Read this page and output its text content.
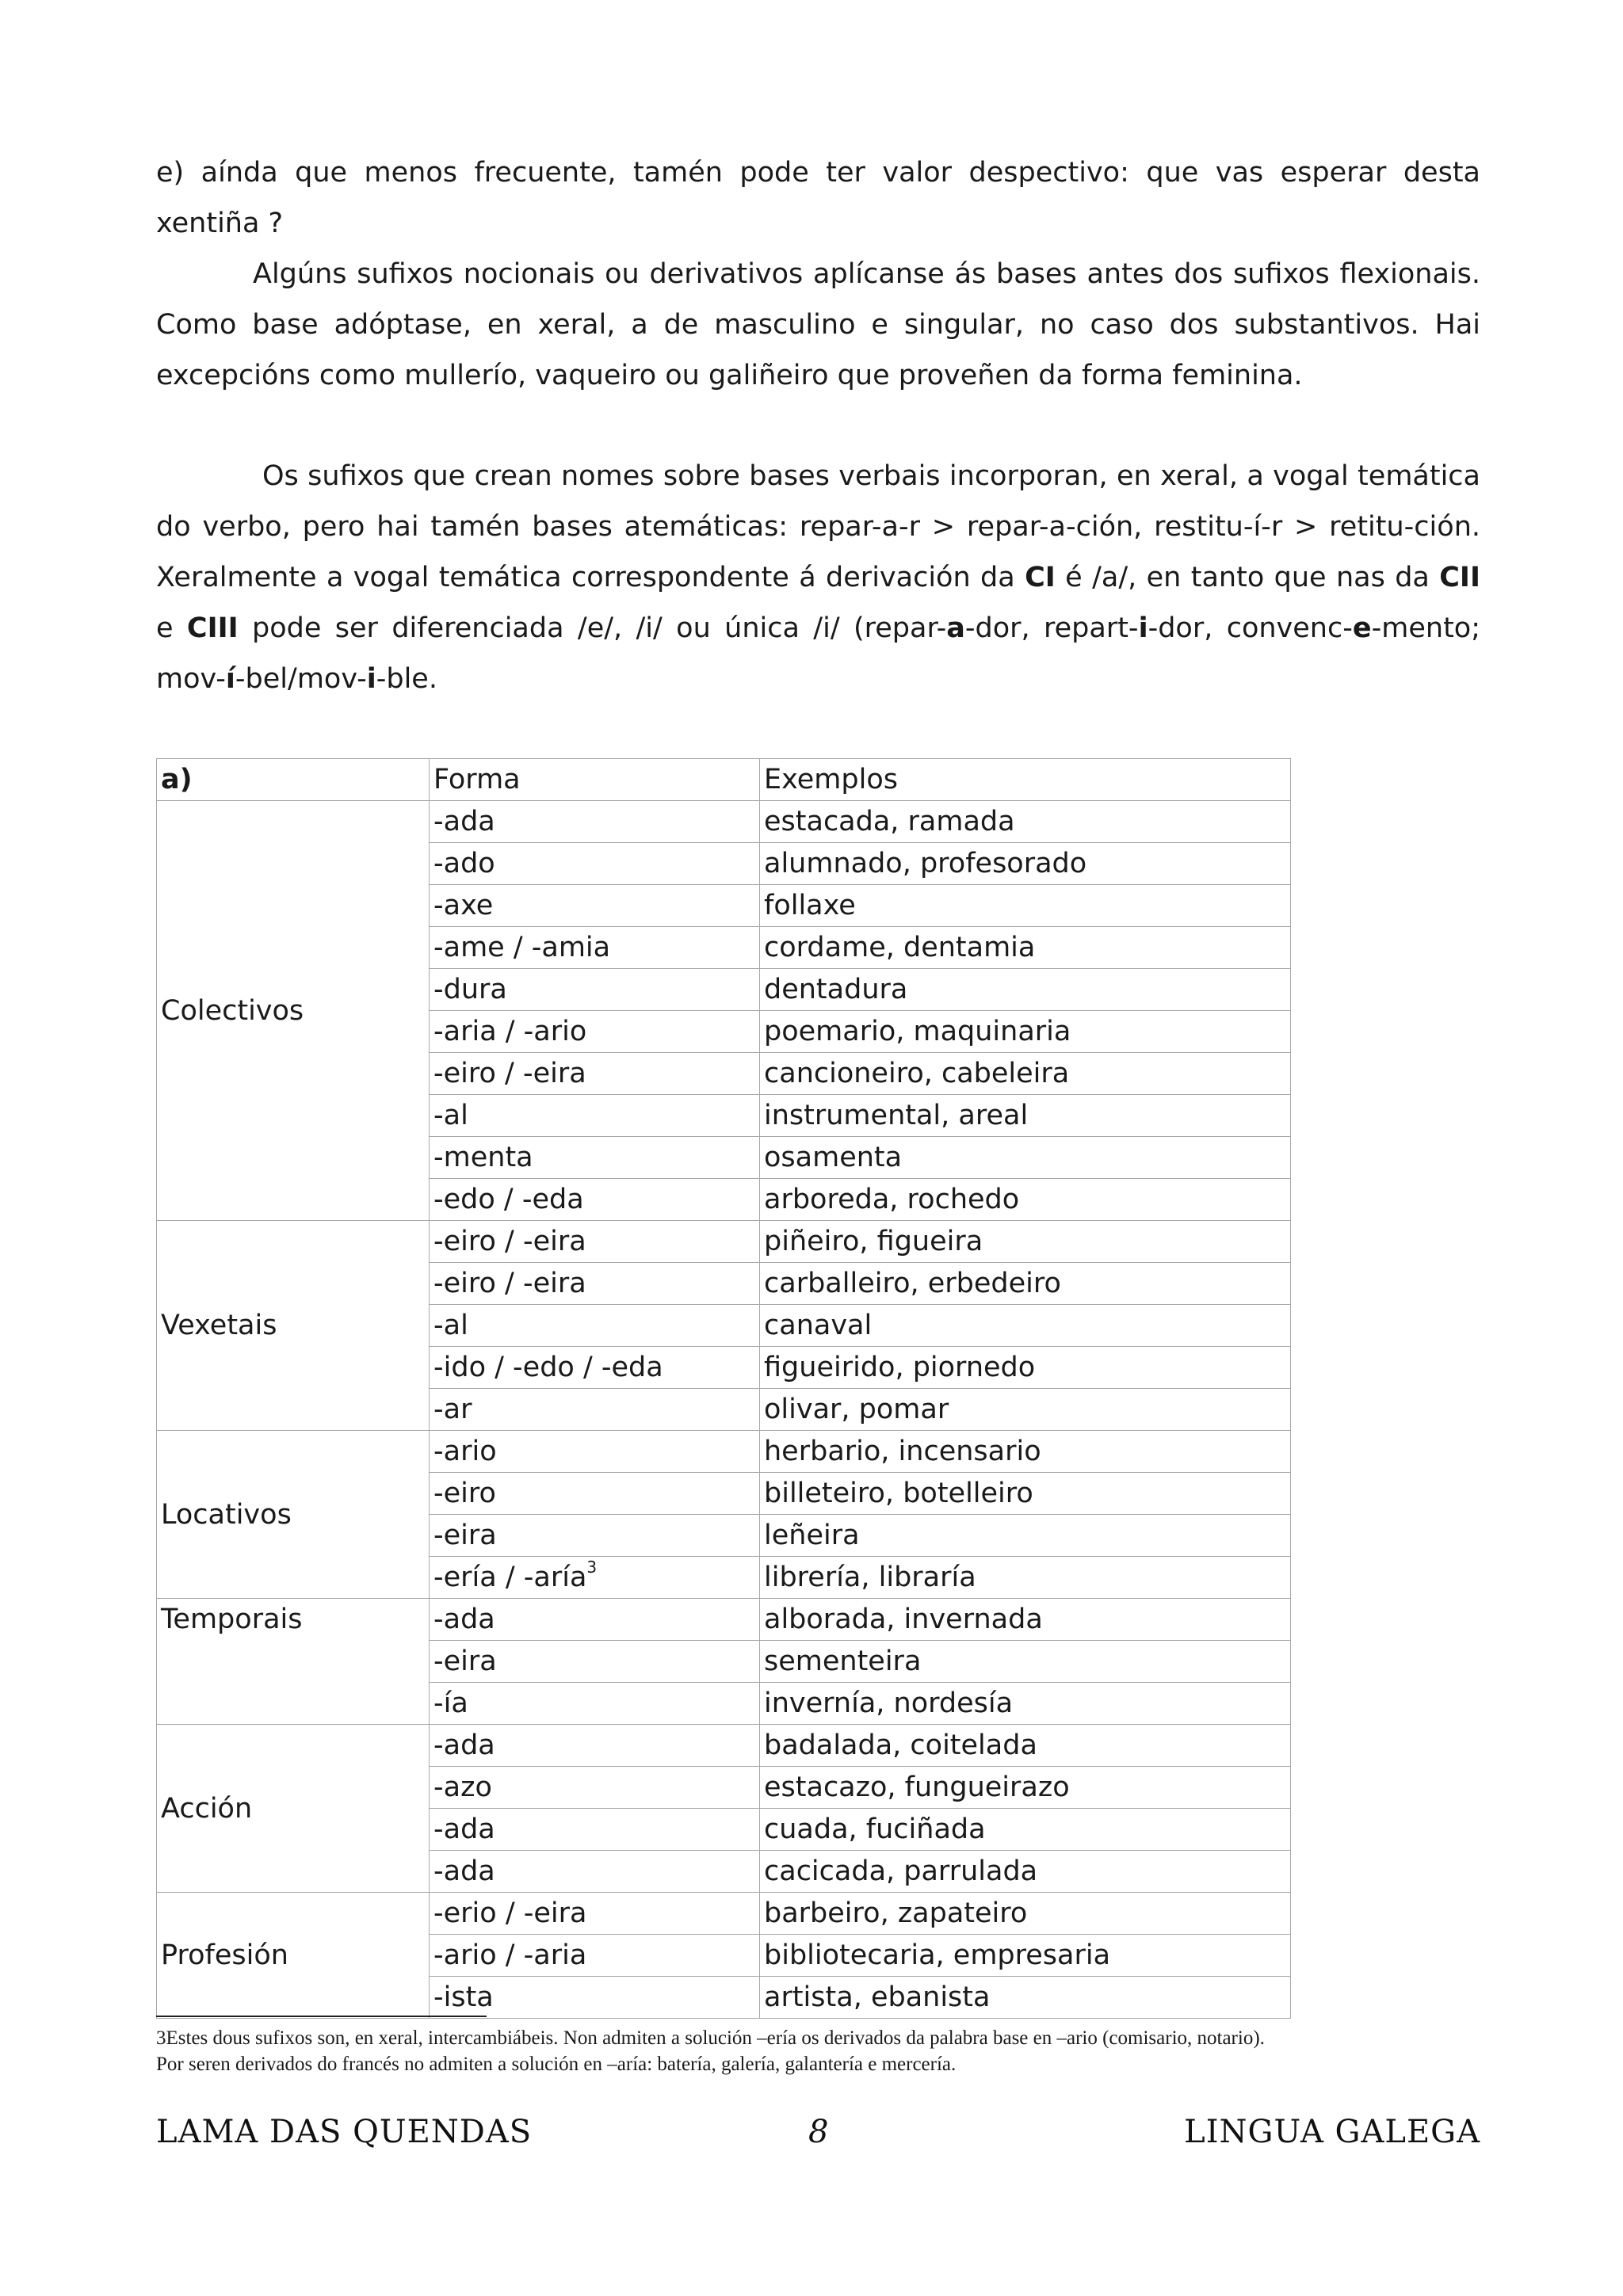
e) aínda que menos frecuente, tamén pode ter valor despectivo: que vas esperar desta xentiña ?

Algúns sufixos nocionais ou derivativos aplícanse ás bases antes dos sufixos flexionais. Como base adóptase, en xeral, a de masculino e singular, no caso dos substantivos. Hai excepcións como mullerío, vaqueiro ou galiñeiro que proveñen da forma feminina.

Os sufixos que crean nomes sobre bases verbais incorporan, en xeral, a vogal temática do verbo, pero hai tamén bases atemáticas: repar-a-r > repar-a-ción, restitu-í-r > retitu-ción. Xeralmente a vogal temática correspondente á derivación da CI é /a/, en tanto que nas da CII e CIII pode ser diferenciada /e/, /i/ ou única /i/ (repar-a-dor, repart-i-dor, convenc-e-mento; mov-í-bel/mov-i-ble.

a)	Forma	Exemplos
Colectivos	-ada	estacada, ramada
	-ado	alumnado, profesorado
	-axe	follaxe
	-ame / -amia	cordame, dentamia
	-dura	dentadura
	-aria / -ario	poemario, maquinaria
	-eiro / -eira	cancioneiro, cabeleira
	-al	instrumental, areal
	-menta	osamenta
	-edo / -eda	arboreda, rochedo
Vexetais	-eiro / -eira	piñeiro, figueira
	-eiro / -eira	carballeiro, erbedeiro
	-al	canaval
	-ido / -edo / -eda	figueirido, piornedo
	-ar	olivar, pomar
Locativos	-ario	herbario, incensario
	-eiro	billeteiro, botelleiro
	-eira	leñeira
	-ería / -aría$^3$	librería, libraría
Temporais	-ada	alborada, invernada
	-eira	sementeira
	-ía	invernía, nordesía
Acción	-ada	badalada, coitelada
	-azo	estacazo, fungueirazo
	-ada	cuada, fuciñada
	-ada	cacicada, parrulada
Profesión	-erio / -eira	barbeiro, zapateiro
	-ario / -aria	bibliotecaria, empresaria
	-ista	artista, ebanista
3Estes dous sufixos son, en xeral, intercambiábeis. Non admiten a solución –ería os derivados da palabra base en –ario (comisario, notario).
Por seren derivados do francés no admiten a solución en –aría: batería, galería, galantería e mercería.
LAMA DAS QUENDAS	8	LINGUA GALEGA
